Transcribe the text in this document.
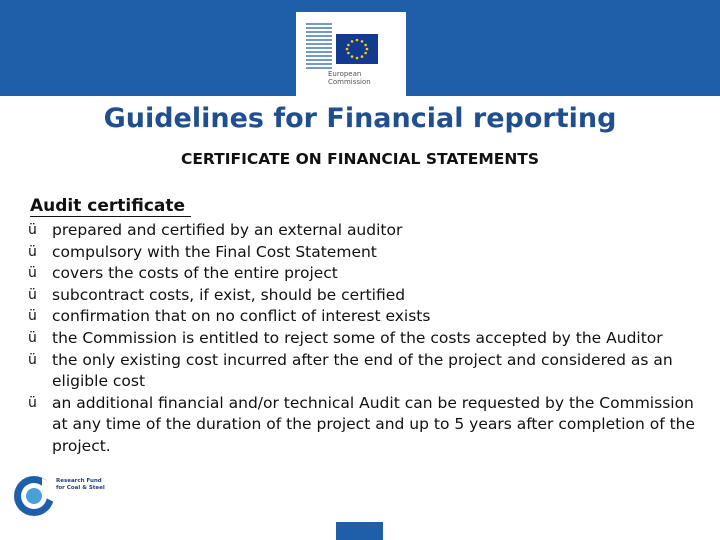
European
Commission
Guidelines for Financial reporting
CERTIFICATE ON FINANCIAL STATEMENTS
Audit certificate
ü prepared and certified by an external auditor
ü compulsory with the Final Cost Statement
ü covers the costs of the entire project
ü subcontract costs, if exist, should be certified
ü confirmation that on no conflict of interest exists
ü the Commission is entitled to reject some of the costs accepted by the Auditor
ü the only existing cost incurred after the end of the project and considered as an eligible cost
ü an additional financial and/or technical Audit can be requested by the Commission at any time of the duration of the project and up to 5 years after completion of the project.
Research Fund
for Coal & Steel
